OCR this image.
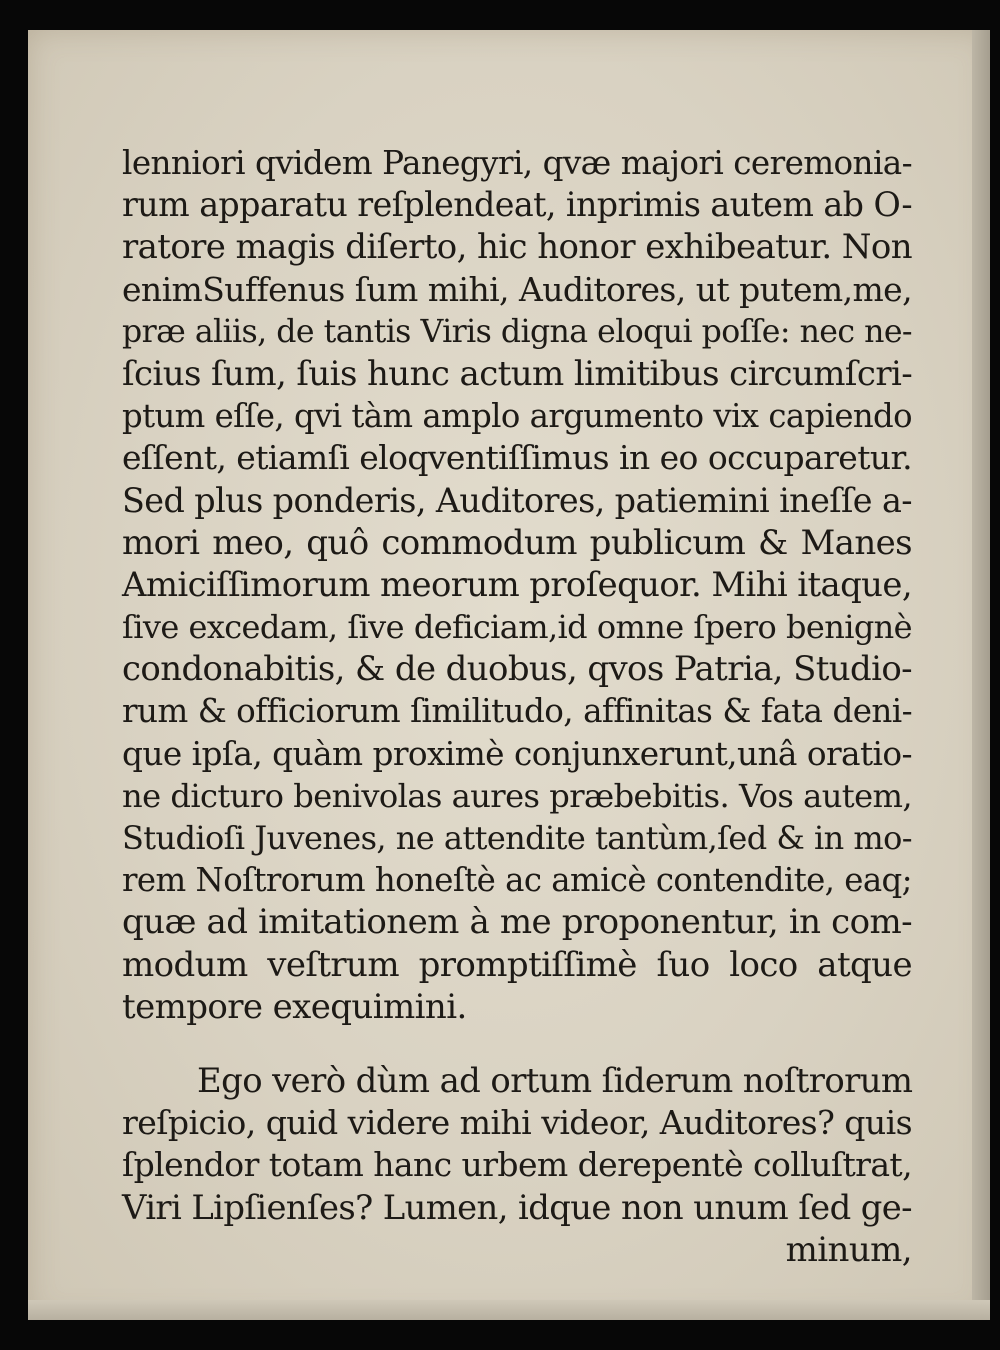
lenniori qvidem Panegyri, qvæ majori ceremonia-
rum apparatu reſplendeat, inprimis autem ab O-
ratore magis diſerto, hic honor exhibeatur. Non
enimSuffenus ſum mihi, Auditores, ut putem,me,
præ aliis, de tantis Viris digna eloqui poſſe: nec ne-
ſcius ſum, ſuis hunc actum limitibus circumſcri-
ptum eſſe, qvi tàm amplo argumento vix capiendo
eſſent, etiamſi eloqventiſſimus in eo occuparetur.
Sed plus ponderis, Auditores, patiemini ineſſe a-
mori meo, quô commodum publicum & Manes
Amiciſſimorum meorum proſequor. Mihi itaque,
ſive excedam, ſive deficiam,id omne ſpero benignè
condonabitis, & de duobus, qvos Patria, Studio-
rum & officiorum ſimilitudo, affinitas & fata deni-
que ipſa, quàm proximè conjunxerunt,unâ oratio-
ne dicturo benivolas aures præbebitis. Vos autem,
Studioſi Juvenes, ne attendite tantùm,ſed & in mo-
rem Noſtrorum honeſtè ac amicè contendite, eaq;
quæ ad imitationem à me proponentur, in com-
modum veſtrum promptiſſimè ſuo loco atque
tempore exequimini.
Ego verò dùm ad ortum ſiderum noſtrorum
reſpicio, quid videre mihi videor, Auditores? quis
ſplendor totam hanc urbem derepentè colluſtrat,
Viri Lipſienſes? Lumen, idque non unum ſed ge-
minum,
